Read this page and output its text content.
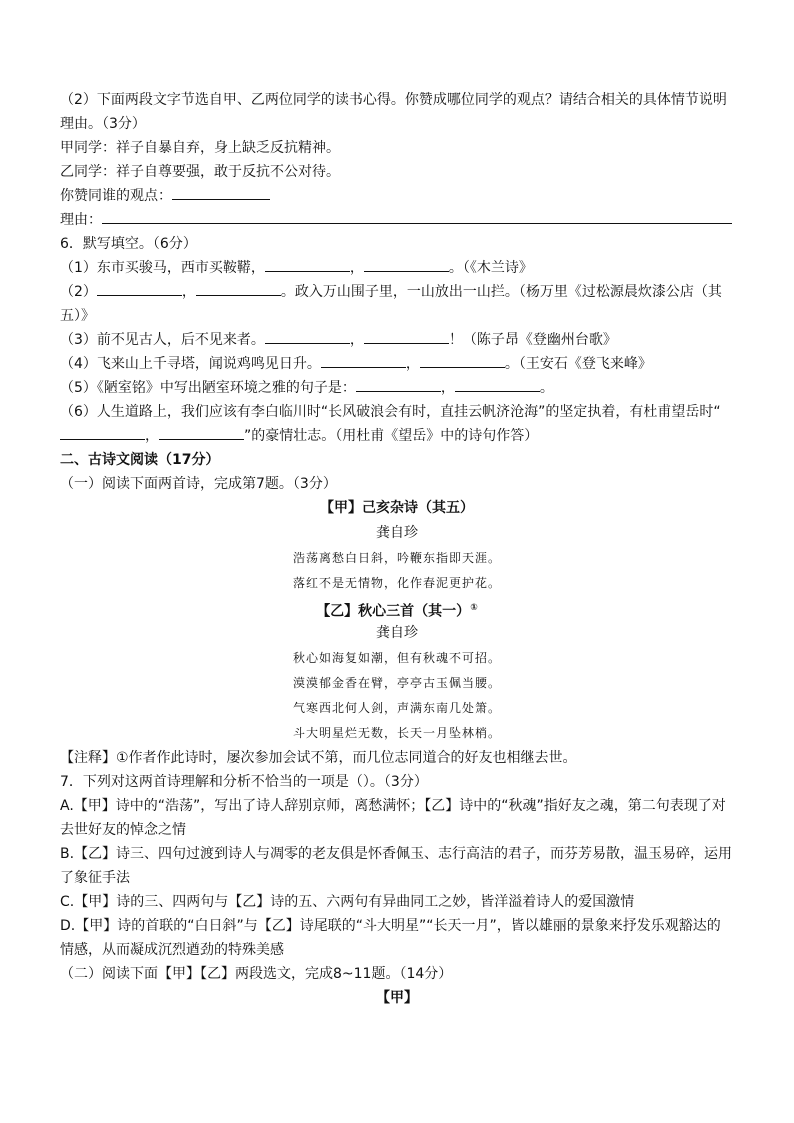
（2）下面两段文字节选自甲、乙两位同学的读书心得。你赞成哪位同学的观点？请结合相关的具体情节说明理由。（3分）
甲同学：祥子自暴自弃，身上缺乏反抗精神。
乙同学：祥子自尊要强，敢于反抗不公对待。
你赞同谁的观点：
理由：
6．默写填空。（6分）
（1）东市买骏马，西市买鞍鞯，	，	。（《木兰诗》
（2）	，	。政入万山围子里，一山放出一山拦。（杨万里《过松源晨炊漆公店（其五）》
（3）前不见古人，后不见来者。	，	！（陈子昂《登幽州台歌》
（4）飞来山上千寻塔，闻说鸡鸣见日升。	，	。（王安石《登飞来峰》
（5）《陋室铭》中写出陋室环境之雅的句子是：	，	。
（6）人生道路上，我们应该有李白临川时“长风破浪会有时，直挂云帆济沧海”的坚定执着，有杜甫望岳时“，	”的豪情壮志。（用杜甫《望岳》中的诗句作答）
二、古诗文阅读（17分）
（一）阅读下面两首诗，完成第7题。（3分）
【甲】己亥杂诗（其五）
龚自珍
浩荡离愁白日斜，吟鞭东指即天涯。
落红不是无情物，化作春泥更护花。
【乙】秋心三首（其一）①
龚自珍
秋心如海复如潮，但有秋魂不可招。
漠漠郁金香在臂，亭亭古玉佩当腰。
气寒西北何人剑，声满东南几处箫。
斗大明星烂无数，长天一月坠林梢。
【注释】①作者作此诗时，屡次参加会试不第，而几位志同道合的好友也相继去世。
7．下列对这两首诗理解和分析不恰当的一项是（）。（3分）
A.【甲】诗中的“浩荡”，写出了诗人辞别京师，离愁满怀；【乙】诗中的“秋魂”指好友之魂，第二句表现了对去世好友的悼念之情
B.【乙】诗三、四句过渡到诗人与凋零的老友俱是怀香佩玉、志行高洁的君子，而芬芳易散，温玉易碎，运用了象征手法
C.【甲】诗的三、四两句与【乙】诗的五、六两句有异曲同工之妙，皆洋溢着诗人的爱国激情
D.【甲】诗的首联的“白日斜”与【乙】诗尾联的“斗大明星”“长天一月”，皆以雄丽的景象来抒发乐观豁达的情感，从而凝成沉烈遒劲的特殊美感
（二）阅读下面【甲】【乙】两段选文，完成8~11题。（14分）
【甲】
